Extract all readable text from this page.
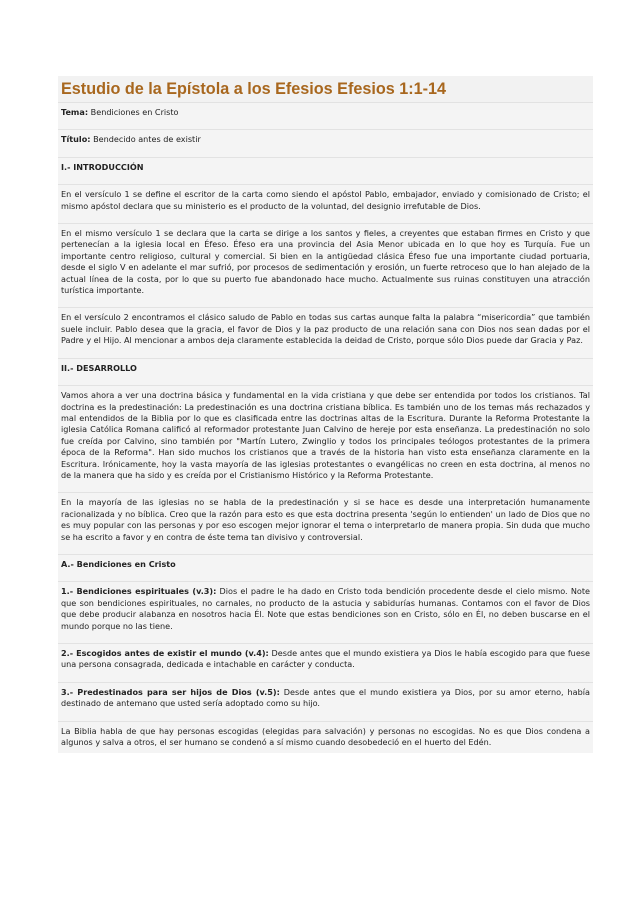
Estudio de la Epístola a los Efesios Efesios 1:1-14
Tema: Bendiciones en Cristo
Título: Bendecido antes de existir
I.- INTRODUCCIÓN

En el versículo 1 se define el escritor de la carta como siendo el apóstol Pablo, embajador, enviado y comisionado de Cristo; el mismo apóstol declara que su ministerio es el producto de la voluntad, del designio irrefutable de Dios.

En el mismo versículo 1 se declara que la carta se dirige a los santos y fieles, a creyentes que estaban firmes en Cristo y que pertenecían a la iglesia local en Éfeso. Éfeso era una provincia del Asia Menor ubicada en lo que hoy es Turquía. Fue un importante centro religioso, cultural y comercial. Si bien en la antigüedad clásica Éfeso fue una importante ciudad portuaria, desde el siglo V en adelante el mar sufrió, por procesos de sedimentación y erosión, un fuerte retroceso que lo han alejado de la actual línea de la costa, por lo que su puerto fue abandonado hace mucho. Actualmente sus ruinas constituyen una atracción turística importante.

En el versículo 2 encontramos el clásico saludo de Pablo en todas sus cartas aunque falta la palabra “misericordia” que también suele incluir. Pablo desea que la gracia, el favor de Dios y la paz producto de una relación sana con Dios nos sean dadas por el Padre y el Hijo. Al mencionar a ambos deja claramente establecida la deidad de Cristo, porque sólo Dios puede dar Gracia y Paz.

II.- DESARROLLO

Vamos ahora a ver una doctrina básica y fundamental en la vida cristiana y que debe ser entendida por todos los cristianos. Tal doctrina es la predestinación: La predestinación es una doctrina cristiana bíblica. Es también uno de los temas más rechazados y mal entendidos de la Biblia por lo que es clasificada entre las doctrinas altas de la Escritura. Durante la Reforma Protestante la iglesia Católica Romana calificó al reformador protestante Juan Calvino de hereje por esta enseñanza. La predestinación no solo fue creída por Calvino, sino también por "Martín Lutero, Zwinglio y todos los principales teólogos protestantes de la primera época de la Reforma". Han sido muchos los cristianos que a través de la historia han visto esta enseñanza claramente en la Escritura. Irónicamente, hoy la vasta mayoría de las iglesias protestantes o evangélicas no creen en esta doctrina, al menos no de la manera que ha sido y es creída por el Cristianismo Histórico y la Reforma Protestante.

En la mayoría de las iglesias no se habla de la predestinación y si se hace es desde una interpretación humanamente racionalizada y no bíblica. Creo que la razón para esto es que esta doctrina presenta 'según lo entienden' un lado de Dios que no es muy popular con las personas y por eso escogen mejor ignorar el tema o interpretarlo de manera propia. Sin duda que mucho se ha escrito a favor y en contra de éste tema tan divisivo y controversial.

A.- Bendiciones en Cristo

1.- Bendiciones espirituales (v.3): Dios el padre le ha dado en Cristo toda bendición procedente desde el cielo mismo. Note que son bendiciones espirituales, no carnales, no producto de la astucia y sabidurías humanas. Contamos con el favor de Dios que debe producir alabanza en nosotros hacia Él. Note que estas bendiciones son en Cristo, sólo en Él, no deben buscarse en el mundo porque no las tiene.

2.- Escogidos antes de existir el mundo (v.4): Desde antes que el mundo existiera ya Dios le había escogido para que fuese una persona consagrada, dedicada e intachable en carácter y conducta.

3.- Predestinados para ser hijos de Dios (v.5): Desde antes que el mundo existiera ya Dios, por su amor eterno, había destinado de antemano que usted sería adoptado como su hijo.

La Biblia habla de que hay personas escogidas (elegidas para salvación) y personas no escogidas. No es que Dios condena a algunos y salva a otros, el ser humano se condenó a sí mismo cuando desobedeció en el huerto del Edén.
